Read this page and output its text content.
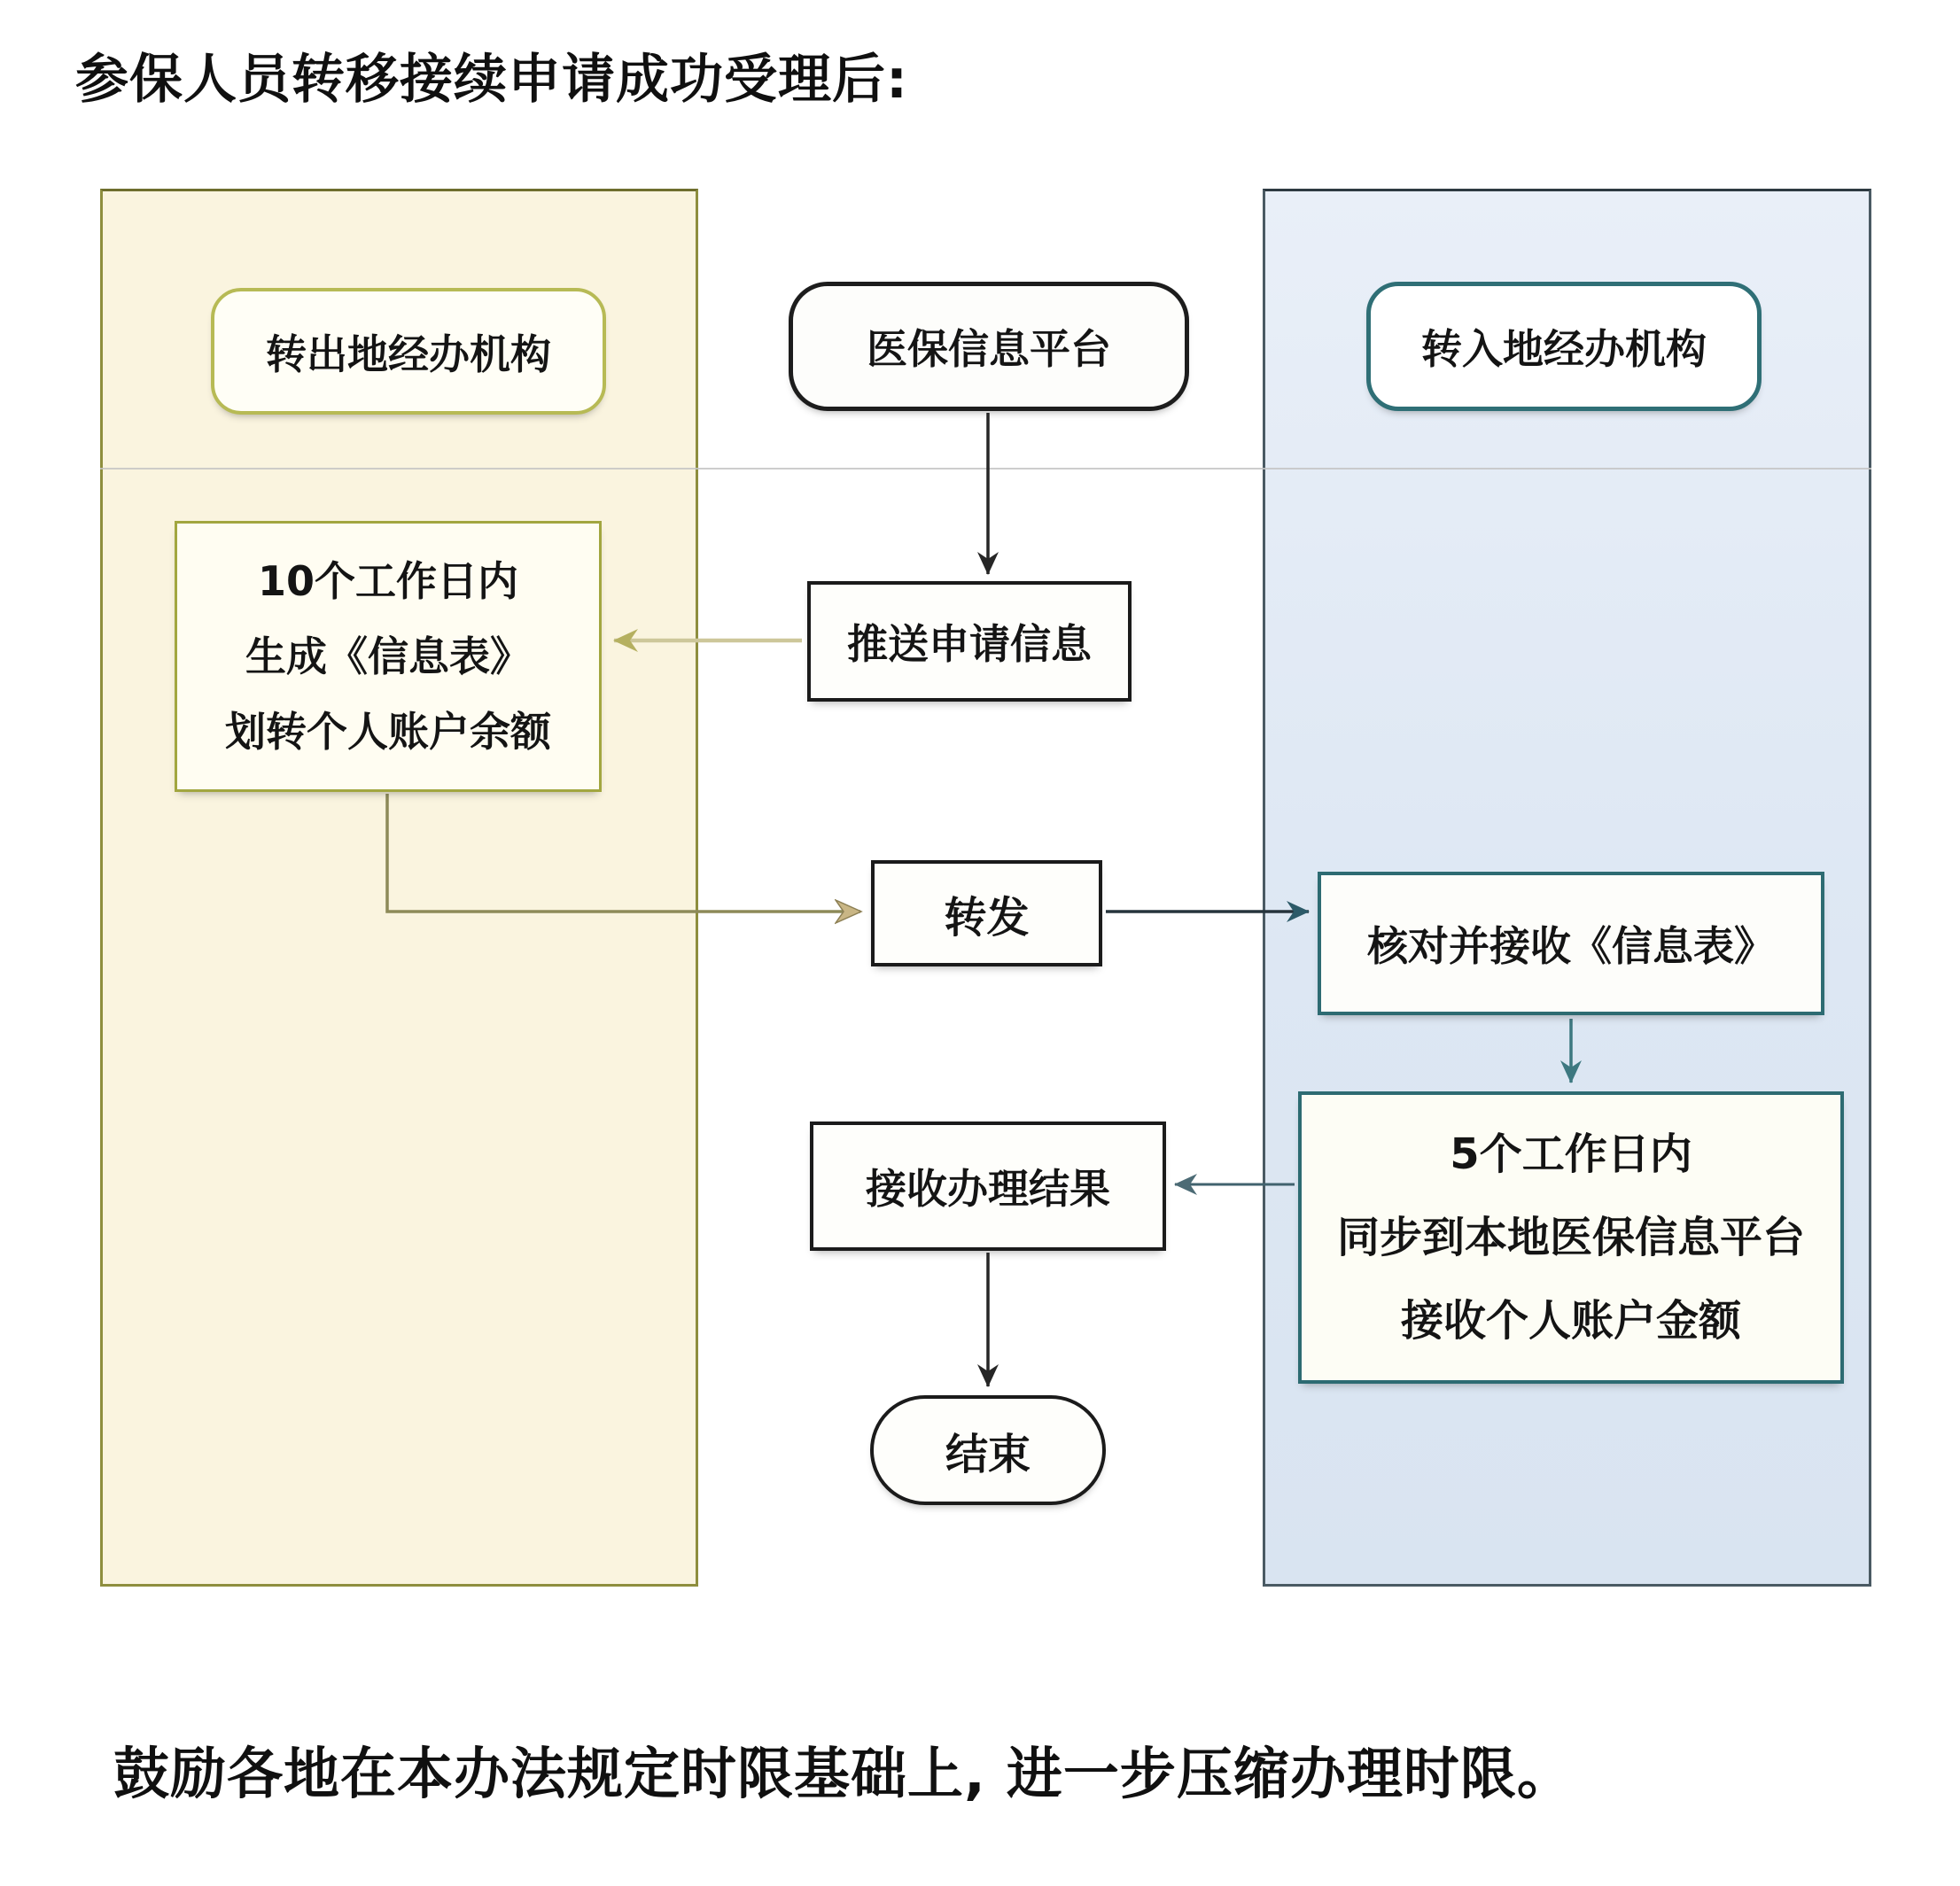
参保人员转移接续申请成功受理后:
转出地经办机构	医保信息平台	转入地经办机构
10个工作日内
生成《信息表》
划转个人账户余额
推送申请信息
转发
核对并接收《信息表》
5个工作日内
同步到本地医保信息平台
接收个人账户金额
接收办理结果
结束
鼓励各地在本办法规定时限基础上, 进一步压缩办理时限。
